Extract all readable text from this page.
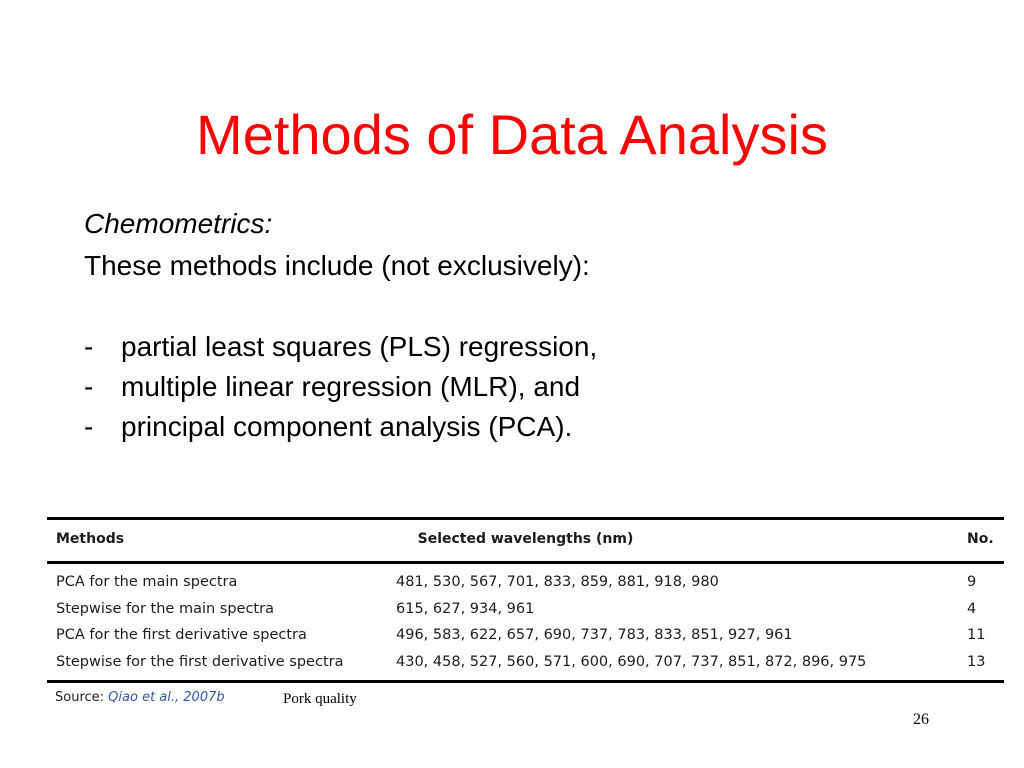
Methods of Data Analysis
Chemometrics:
These methods include (not exclusively):
- partial least squares (PLS) regression,
- multiple linear regression (MLR), and
- principal component analysis (PCA).
Methods	Selected wavelengths (nm)	No.
PCA for the main spectra	481, 530, 567, 701, 833, 859, 881, 918, 980	9
Stepwise for the main spectra	615, 627, 934, 961	4
PCA for the first derivative spectra	496, 583, 622, 657, 690, 737, 783, 833, 851, 927, 961	11
Stepwise for the first derivative spectra	430, 458, 527, 560, 571, 600, 690, 707, 737, 851, 872, 896, 975	13
Source: Qiao et al., 2007b	Pork quality
26
